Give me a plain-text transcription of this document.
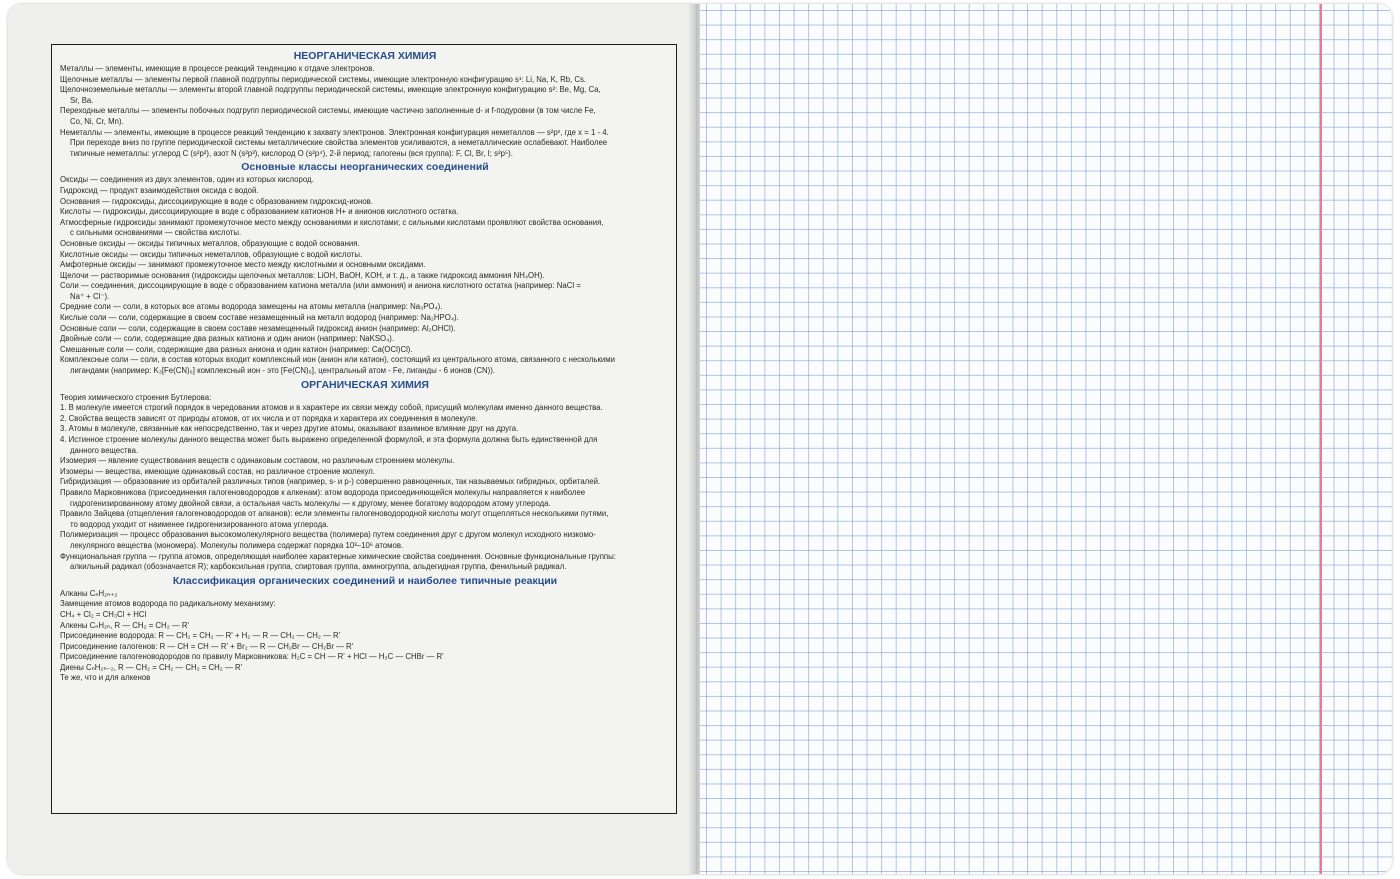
НЕОРГАНИЧЕСКАЯ ХИМИЯ

Металлы — элементы, имеющие в процессе реакций тенденцию к отдаче электронов.

Щелочные металлы — элементы первой главной подгруппы периодической системы, имеющие электронную конфигурацию s¹: Li, Na, K, Rb, Cs.

Щелочноземельные металлы — элементы второй главной подгруппы периодической системы, имеющие электронную конфигурацию s²: Be, Mg, Ca,

Sr, Ba.

Переходные металлы — элементы побочных подгрупп периодической системы, имеющие частично заполненные d- и f-подуровни (в том числе Fe,

Co, Ni, Cr, Mn).

Неметаллы — элементы, имеющие в процессе реакций тенденцию к захвату электронов. Электронная конфигурация неметаллов — s²pˣ, где x = 1 - 4.

При переходе вниз по группе периодической системы металлические свойства элементов усиливаются, а неметаллические ослабевают. Наиболее

типичные неметаллы: углерод C (s²p²), азот N (s²p³), кислород O (s²p⁴), 2-й период; галогены (вся группа): F, Cl, Br, I; s²p⁵).

Основные классы неорганических соединений

Оксиды — соединения из двух элементов, один из которых кислород.

Гидроксид — продукт взаимодействия оксида с водой.

Основания — гидроксиды, диссоциирующие в воде с образованием гидроксид-ионов.

Кислоты — гидроксиды, диссоциирующие в воде с образованием катионов H+ и анионов кислотного остатка.

Атмосферные гидроксиды занимают промежуточное место между основаниями и кислотами; с сильными кислотами проявляют свойства основания,

с сильными основаниями — свойства кислоты.

Основные оксиды — оксиды типичных металлов, образующие с водой основания.

Кислотные оксиды — оксиды типичных неметаллов, образующие с водой кислоты.

Амфотерные оксиды — занимают промежуточное место между кислотными и основными оксидами.

Щелочи — растворимые основания (гидроксиды щелочных металлов: LiOH, BaOH, KOH, и т. д., а также гидроксид аммония NH₄OH).

Соли — соединения, диссоциирующие в воде с образованием катиона металла (или аммония) и аниона кислотного остатка (например: NaCl =

Na⁺ + Cl⁻).

Средние соли — соли, в которых все атомы водорода замещены на атомы металла (например: Na₃PO₄).

Кислые соли — соли, содержащие в своем составе незамещенный на металл водород (например: Na₂HPO₄).

Основные соли — соли, содержащие в своем составе незамещенный гидроксид анион (например: Al₂OHCl).

Двойные соли — соли, содержащие два разных катиона и один анион (например: NaKSO₄).

Смешанные соли — соли, содержащие два разных аниона и один катион (например: Ca(OCl)Cl).

Комплексные соли — соли, в состав которых входит комплексный ион (анион или катион), состоящий из центрального атома, связанного с несколькими

лигандами (например: K₃[Fe(CN)₆] комплексный ион - это [Fe(CN)₆], центральный атом - Fe, лиганды - 6 ионов (CN)).

ОРГАНИЧЕСКАЯ ХИМИЯ

Теория химического строения Бутлерова:

1. В молекуле имеется строгий порядок в чередовании атомов и в характере их связи между собой, присущий молекулам именно данного вещества.

2. Свойства веществ зависят от природы атомов, от их числа и от порядка и характера их соединения в молекуле.

3. Атомы в молекуле, связанные как непосредственно, так и через другие атомы, оказывают взаимное влияние друг на друга.

4. Истинное строение молекулы данного вещества может быть выражено определенной формулой, и эта формула должна быть единственной для

данного вещества.

Изомерия — явление существования веществ с одинаковым составом, но различным строением молекулы.

Изомеры — вещества, имеющие одинаковый состав, но различное строение молекул.

Гибридизация — образование из орбиталей различных типов (например, s- и p-) совершенно равноценных, так называемых гибридных, орбиталей.

Правило Марковникова (присоединения галогеноводородов к алкенам): атом водорода присоединяющейся молекулы направляется к наиболее

гидрогенизированному атому двойной связи, а остальная часть молекулы — к другому, менее богатому водородом атому углерода.

Правило Зайцева (отщепления галогеноводородов от алканов): если элементы галогеноводородной кислоты могут отщепляться несколькими путями,

то водород уходит от наименее гидрогенизированного атома углерода.

Полимеризация — процесс образования высокомолекулярного вещества (полимера) путем соединения друг с другом молекул исходного низкомо-

лекулярного вещества (мономера). Молекулы полимера содержат порядка 10³–10⁶ атомов.

Функциональная группа — группа атомов, определяющая наиболее характерные химические свойства соединения. Основные функциональные группы:

алкильный радикал (обозначается R); карбоксильная группа, спиртовая группа, аминогруппа, альдегидная группа, фенильный радикал.

Классификация органических соединений и наиболее типичные реакции

Алканы CₙH₂ₙ₊₂

Замещение атомов водорода по радикальному механизму:

CH₄ + Cl₂ = CH₃Cl + HCl

Алкены CₙH₂ₙ, R — CH₂ = CH₂ — R'

Присоединение водорода: R — CH₂ = CH₂ — R' + H₂ — R — CH₂ — CH₂ — R'

Присоединение галогенов: R — CH = CH — R' + Br₂ — R — CH₂Br — CH₂Br — R'

Присоединение галогеноводородов по правилу Марковникова: H₂C = CH — R' + HCl — H₃C — CHBr — R'

Диены CₙH₂ₙ₋₂, R — CH₂ = CH₂ — CH₂ = CH₂ — R'

Те же, что и для алкенов
